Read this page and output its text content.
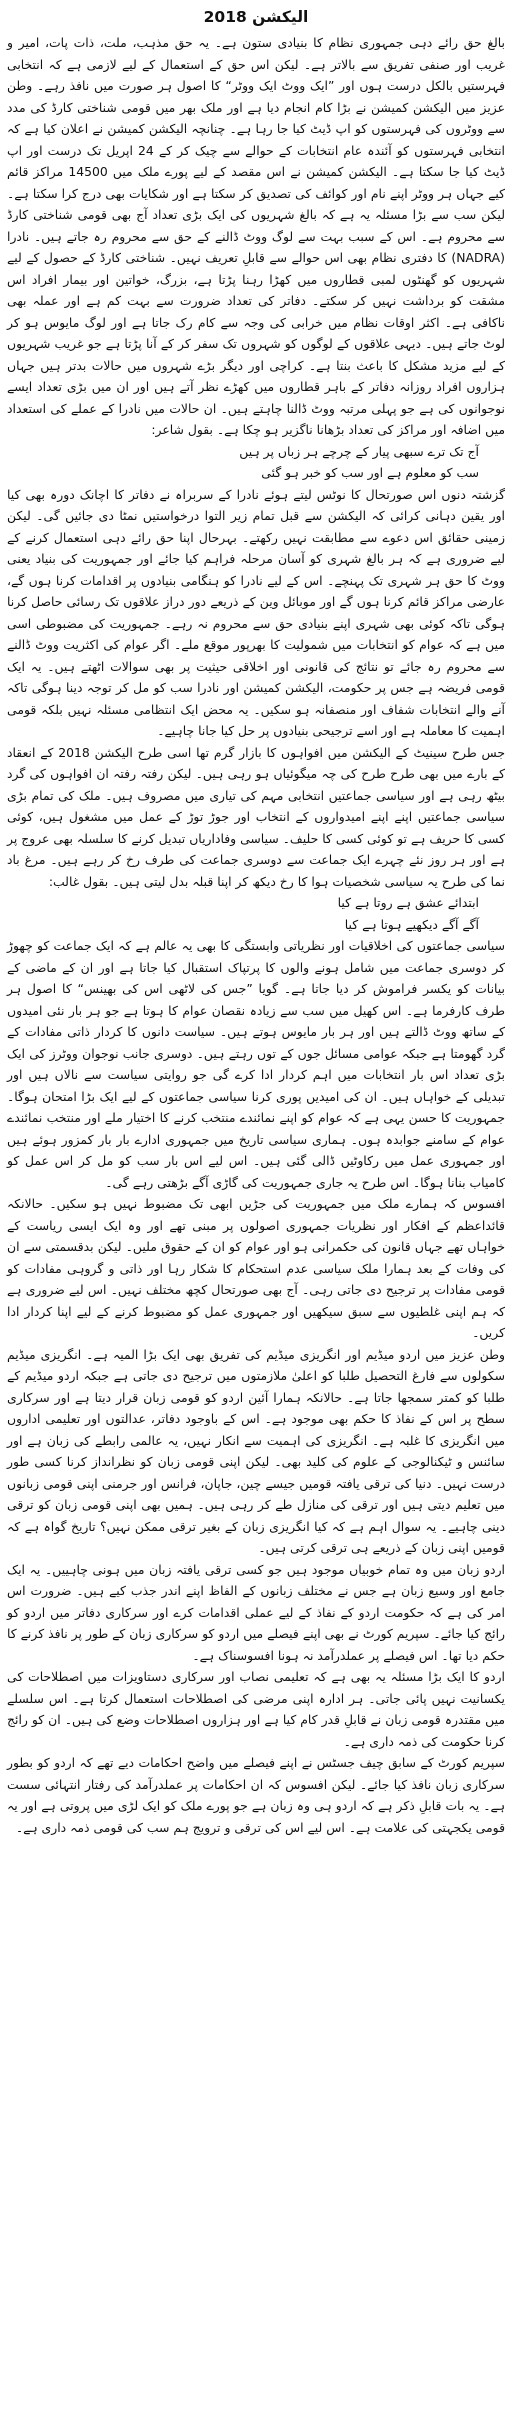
الیکشن 2018

بالغ حق رائے دہی جمہوری نظام کا بنیادی ستون ہے۔ یہ حق مذہب، ملت، ذات پات، امیر و غریب اور صنفی تفریق سے بالاتر ہے۔ لیکن اس حق کے استعمال کے لیے لازمی ہے کہ انتخابی فہرستیں بالکل درست ہوں اور ”ایک ووٹ ایک ووٹر“ کا اصول ہر صورت میں نافذ رہے۔ وطن عزیز میں الیکشن کمیشن نے بڑا کام انجام دیا ہے اور ملک بھر میں قومی شناختی کارڈ کی مدد سے ووٹروں کی فہرستوں کو اپ ڈیٹ کیا جا رہا ہے۔ چنانچہ الیکشن کمیشن نے اعلان کیا ہے کہ انتخابی فہرستوں کو آئندہ عام انتخابات کے حوالے سے چیک کر کے 24 اپریل تک درست اور اپ ڈیٹ کیا جا سکتا ہے۔ الیکشن کمیشن نے اس مقصد کے لیے پورے ملک میں 14500 مراکز قائم کیے جہاں ہر ووٹر اپنے نام اور کوائف کی تصدیق کر سکتا ہے اور شکایات بھی درج کرا سکتا ہے۔ لیکن سب سے بڑا مسئلہ یہ ہے کہ بالغ شہریوں کی ایک بڑی تعداد آج بھی قومی شناختی کارڈ سے محروم ہے۔ اس کے سبب بہت سے لوگ ووٹ ڈالنے کے حق سے محروم رہ جاتے ہیں۔ نادرا (NADRA) کا دفتری نظام بھی اس حوالے سے قابلِ تعریف نہیں۔ شناختی کارڈ کے حصول کے لیے شہریوں کو گھنٹوں لمبی قطاروں میں کھڑا رہنا پڑتا ہے، بزرگ، خواتین اور بیمار افراد اس مشقت کو برداشت نہیں کر سکتے۔ دفاتر کی تعداد ضرورت سے بہت کم ہے اور عملہ بھی ناکافی ہے۔ اکثر اوقات نظام میں خرابی کی وجہ سے کام رک جاتا ہے اور لوگ مایوس ہو کر لوٹ جاتے ہیں۔ دیہی علاقوں کے لوگوں کو شہروں تک سفر کر کے آنا پڑتا ہے جو غریب شہریوں کے لیے مزید مشکل کا باعث بنتا ہے۔ کراچی اور دیگر بڑے شہروں میں حالات بدتر ہیں جہاں ہزاروں افراد روزانہ دفاتر کے باہر قطاروں میں کھڑے نظر آتے ہیں اور ان میں بڑی تعداد ایسے نوجوانوں کی ہے جو پہلی مرتبہ ووٹ ڈالنا چاہتے ہیں۔ ان حالات میں نادرا کے عملے کی استعداد میں اضافہ اور مراکز کی تعداد بڑھانا ناگزیر ہو چکا ہے۔ بقول شاعر:

آج تک ترے سبھی پیار کے چرچے ہر زباں پر ہیں

سب کو معلوم ہے اور سب کو خبر ہو گئی

گزشتہ دنوں اس صورتحال کا نوٹس لیتے ہوئے نادرا کے سربراہ نے دفاتر کا اچانک دورہ بھی کیا اور یقین دہانی کرائی کہ الیکشن سے قبل تمام زیر التوا درخواستیں نمٹا دی جائیں گی۔ لیکن زمینی حقائق اس دعوے سے مطابقت نہیں رکھتے۔ بہرحال اپنا حق رائے دہی استعمال کرنے کے لیے ضروری ہے کہ ہر بالغ شہری کو آسان مرحلہ فراہم کیا جائے اور جمہوریت کی بنیاد یعنی ووٹ کا حق ہر شہری تک پہنچے۔ اس کے لیے نادرا کو ہنگامی بنیادوں پر اقدامات کرنا ہوں گے، عارضی مراکز قائم کرنا ہوں گے اور موبائل وین کے ذریعے دور دراز علاقوں تک رسائی حاصل کرنا ہوگی تاکہ کوئی بھی شہری اپنے بنیادی حق سے محروم نہ رہے۔ جمہوریت کی مضبوطی اسی میں ہے کہ عوام کو انتخابات میں شمولیت کا بھرپور موقع ملے۔ اگر عوام کی اکثریت ووٹ ڈالنے سے محروم رہ جائے تو نتائج کی قانونی اور اخلاقی حیثیت پر بھی سوالات اٹھتے ہیں۔ یہ ایک قومی فریضہ ہے جس پر حکومت، الیکشن کمیشن اور نادرا سب کو مل کر توجہ دینا ہوگی تاکہ آنے والے انتخابات شفاف اور منصفانہ ہو سکیں۔ یہ محض ایک انتظامی مسئلہ نہیں بلکہ قومی اہمیت کا معاملہ ہے اور اسے ترجیحی بنیادوں پر حل کیا جانا چاہیے۔

جس طرح سینیٹ کے الیکشن میں افواہوں کا بازار گرم تھا اسی طرح الیکشن 2018 کے انعقاد کے بارے میں بھی طرح طرح کی چہ میگوئیاں ہو رہی ہیں۔ لیکن رفتہ رفتہ ان افواہوں کی گرد بیٹھ رہی ہے اور سیاسی جماعتیں انتخابی مہم کی تیاری میں مصروف ہیں۔ ملک کی تمام بڑی سیاسی جماعتیں اپنے اپنے امیدواروں کے انتخاب اور جوڑ توڑ کے عمل میں مشغول ہیں، کوئی کسی کا حریف ہے تو کوئی کسی کا حلیف۔ سیاسی وفاداریاں تبدیل کرنے کا سلسلہ بھی عروج پر ہے اور ہر روز نئے چہرے ایک جماعت سے دوسری جماعت کی طرف رخ کر رہے ہیں۔ مرغ باد نما کی طرح یہ سیاسی شخصیات ہوا کا رخ دیکھ کر اپنا قبلہ بدل لیتی ہیں۔ بقول غالب:

ابتدائے عشق ہے روتا ہے کیا

آگے آگے دیکھیے ہوتا ہے کیا

سیاسی جماعتوں کی اخلاقیات اور نظریاتی وابستگی کا بھی یہ عالم ہے کہ ایک جماعت کو چھوڑ کر دوسری جماعت میں شامل ہونے والوں کا پرتپاک استقبال کیا جاتا ہے اور ان کے ماضی کے بیانات کو یکسر فراموش کر دیا جاتا ہے۔ گویا ”جس کی لاٹھی اس کی بھینس“ کا اصول ہر طرف کارفرما ہے۔ اس کھیل میں سب سے زیادہ نقصان عوام کا ہوتا ہے جو ہر بار نئی امیدوں کے ساتھ ووٹ ڈالتے ہیں اور ہر بار مایوس ہوتے ہیں۔ سیاست دانوں کا کردار ذاتی مفادات کے گرد گھومتا ہے جبکہ عوامی مسائل جوں کے توں رہتے ہیں۔ دوسری جانب نوجوان ووٹرز کی ایک بڑی تعداد اس بار انتخابات میں اہم کردار ادا کرے گی جو روایتی سیاست سے نالاں ہیں اور تبدیلی کے خواہاں ہیں۔ ان کی امیدیں پوری کرنا سیاسی جماعتوں کے لیے ایک بڑا امتحان ہوگا۔ جمہوریت کا حسن یہی ہے کہ عوام کو اپنے نمائندے منتخب کرنے کا اختیار ملے اور منتخب نمائندے عوام کے سامنے جوابدہ ہوں۔ ہماری سیاسی تاریخ میں جمہوری ادارے بار بار کمزور ہوئے ہیں اور جمہوری عمل میں رکاوٹیں ڈالی گئی ہیں۔ اس لیے اس بار سب کو مل کر اس عمل کو کامیاب بنانا ہوگا۔ اس طرح یہ جاری جمہوریت کی گاڑی آگے بڑھتی رہے گی۔

افسوس کہ ہمارے ملک میں جمہوریت کی جڑیں ابھی تک مضبوط نہیں ہو سکیں۔ حالانکہ قائداعظم کے افکار اور نظریات جمہوری اصولوں پر مبنی تھے اور وہ ایک ایسی ریاست کے خواہاں تھے جہاں قانون کی حکمرانی ہو اور عوام کو ان کے حقوق ملیں۔ لیکن بدقسمتی سے ان کی وفات کے بعد ہمارا ملک سیاسی عدم استحکام کا شکار رہا اور ذاتی و گروہی مفادات کو قومی مفادات پر ترجیح دی جاتی رہی۔ آج بھی صورتحال کچھ مختلف نہیں۔ اس لیے ضروری ہے کہ ہم اپنی غلطیوں سے سبق سیکھیں اور جمہوری عمل کو مضبوط کرنے کے لیے اپنا کردار ادا کریں۔

وطن عزیز میں اردو میڈیم اور انگریزی میڈیم کی تفریق بھی ایک بڑا المیہ ہے۔ انگریزی میڈیم سکولوں سے فارغ التحصیل طلبا کو اعلیٰ ملازمتوں میں ترجیح دی جاتی ہے جبکہ اردو میڈیم کے طلبا کو کمتر سمجھا جاتا ہے۔ حالانکہ ہمارا آئین اردو کو قومی زبان قرار دیتا ہے اور سرکاری سطح پر اس کے نفاذ کا حکم بھی موجود ہے۔ اس کے باوجود دفاتر، عدالتوں اور تعلیمی اداروں میں انگریزی کا غلبہ ہے۔ انگریزی کی اہمیت سے انکار نہیں، یہ عالمی رابطے کی زبان ہے اور سائنس و ٹیکنالوجی کے علوم کی کلید بھی۔ لیکن اپنی قومی زبان کو نظرانداز کرنا کسی طور درست نہیں۔ دنیا کی ترقی یافتہ قومیں جیسے چین، جاپان، فرانس اور جرمنی اپنی قومی زبانوں میں تعلیم دیتی ہیں اور ترقی کی منازل طے کر رہی ہیں۔ ہمیں بھی اپنی قومی زبان کو ترقی دینی چاہیے۔ یہ سوال اہم ہے کہ کیا انگریزی زبان کے بغیر ترقی ممکن نہیں؟ تاریخ گواہ ہے کہ قومیں اپنی زبان کے ذریعے ہی ترقی کرتی ہیں۔

اردو زبان میں وہ تمام خوبیاں موجود ہیں جو کسی ترقی یافتہ زبان میں ہونی چاہییں۔ یہ ایک جامع اور وسیع زبان ہے جس نے مختلف زبانوں کے الفاظ اپنے اندر جذب کیے ہیں۔ ضرورت اس امر کی ہے کہ حکومت اردو کے نفاذ کے لیے عملی اقدامات کرے اور سرکاری دفاتر میں اردو کو رائج کیا جائے۔ سپریم کورٹ نے بھی اپنے فیصلے میں اردو کو سرکاری زبان کے طور پر نافذ کرنے کا حکم دیا تھا۔ اس فیصلے پر عملدرآمد نہ ہونا افسوسناک ہے۔

اردو کا ایک بڑا مسئلہ یہ بھی ہے کہ تعلیمی نصاب اور سرکاری دستاویزات میں اصطلاحات کی یکسانیت نہیں پائی جاتی۔ ہر ادارہ اپنی مرضی کی اصطلاحات استعمال کرتا ہے۔ اس سلسلے میں مقتدرہ قومی زبان نے قابلِ قدر کام کیا ہے اور ہزاروں اصطلاحات وضع کی ہیں۔ ان کو رائج کرنا حکومت کی ذمہ داری ہے۔

سپریم کورٹ کے سابق چیف جسٹس نے اپنے فیصلے میں واضح احکامات دیے تھے کہ اردو کو بطور سرکاری زبان نافذ کیا جائے۔ لیکن افسوس کہ ان احکامات پر عملدرآمد کی رفتار انتہائی سست ہے۔ یہ بات قابلِ ذکر ہے کہ اردو ہی وہ زبان ہے جو پورے ملک کو ایک لڑی میں پروتی ہے اور یہ قومی یکجہتی کی علامت ہے۔ اس لیے اس کی ترقی و ترویج ہم سب کی قومی ذمہ داری ہے۔
